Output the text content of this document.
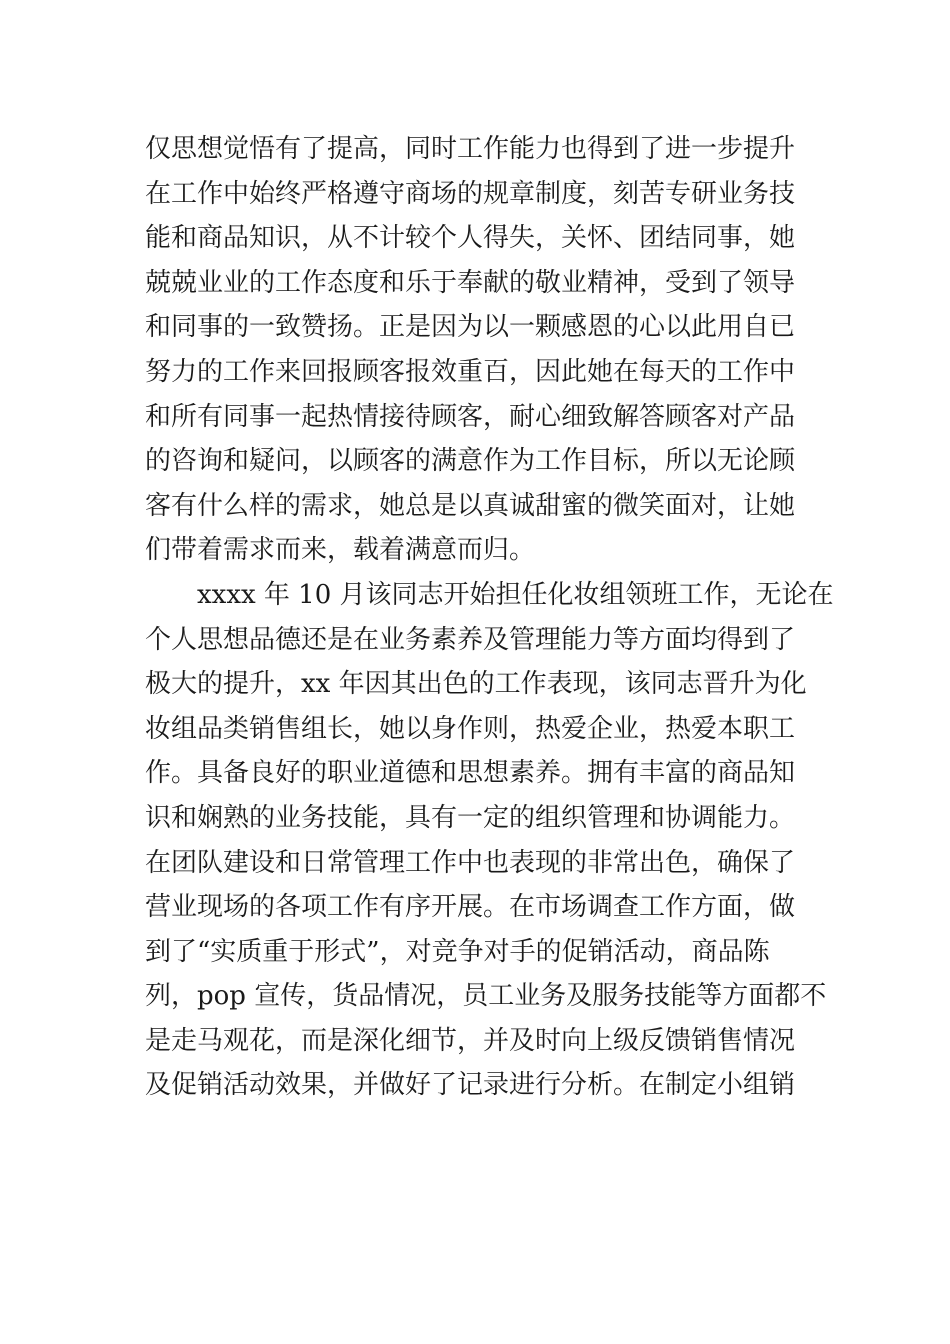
仅思想觉悟有了提高，同时工作能力也得到了进一步提升
在工作中始终严格遵守商场的规章制度，刻苦专研业务技
能和商品知识，从不计较个人得失，关怀、团结同事，她
兢兢业业的工作态度和乐于奉献的敬业精神，受到了领导
和同事的一致赞扬。正是因为以一颗感恩的心以此用自已
努力的工作来回报顾客报效重百，因此她在每天的工作中
和所有同事一起热情接待顾客，耐心细致解答顾客对产品
的咨询和疑问，以顾客的满意作为工作目标，所以无论顾
客有什么样的需求，她总是以真诚甜蜜的微笑面对，让她
们带着需求而来，载着满意而归。
xxxx 年 10 月该同志开始担任化妆组领班工作，无论在
个人思想品德还是在业务素养及管理能力等方面均得到了
极大的提升，xx 年因其出色的工作表现，该同志晋升为化
妆组品类销售组长，她以身作则，热爱企业，热爱本职工
作。具备良好的职业道德和思想素养。拥有丰富的商品知
识和娴熟的业务技能，具有一定的组织管理和协调能力。
在团队建设和日常管理工作中也表现的非常出色，确保了
营业现场的各项工作有序开展。在市场调查工作方面，做
到了“实质重于形式”，对竞争对手的促销活动，商品陈
列，pop 宣传，货品情况，员工业务及服务技能等方面都不
是走马观花，而是深化细节，并及时向上级反馈销售情况
及促销活动效果，并做好了记录进行分析。在制定小组销
